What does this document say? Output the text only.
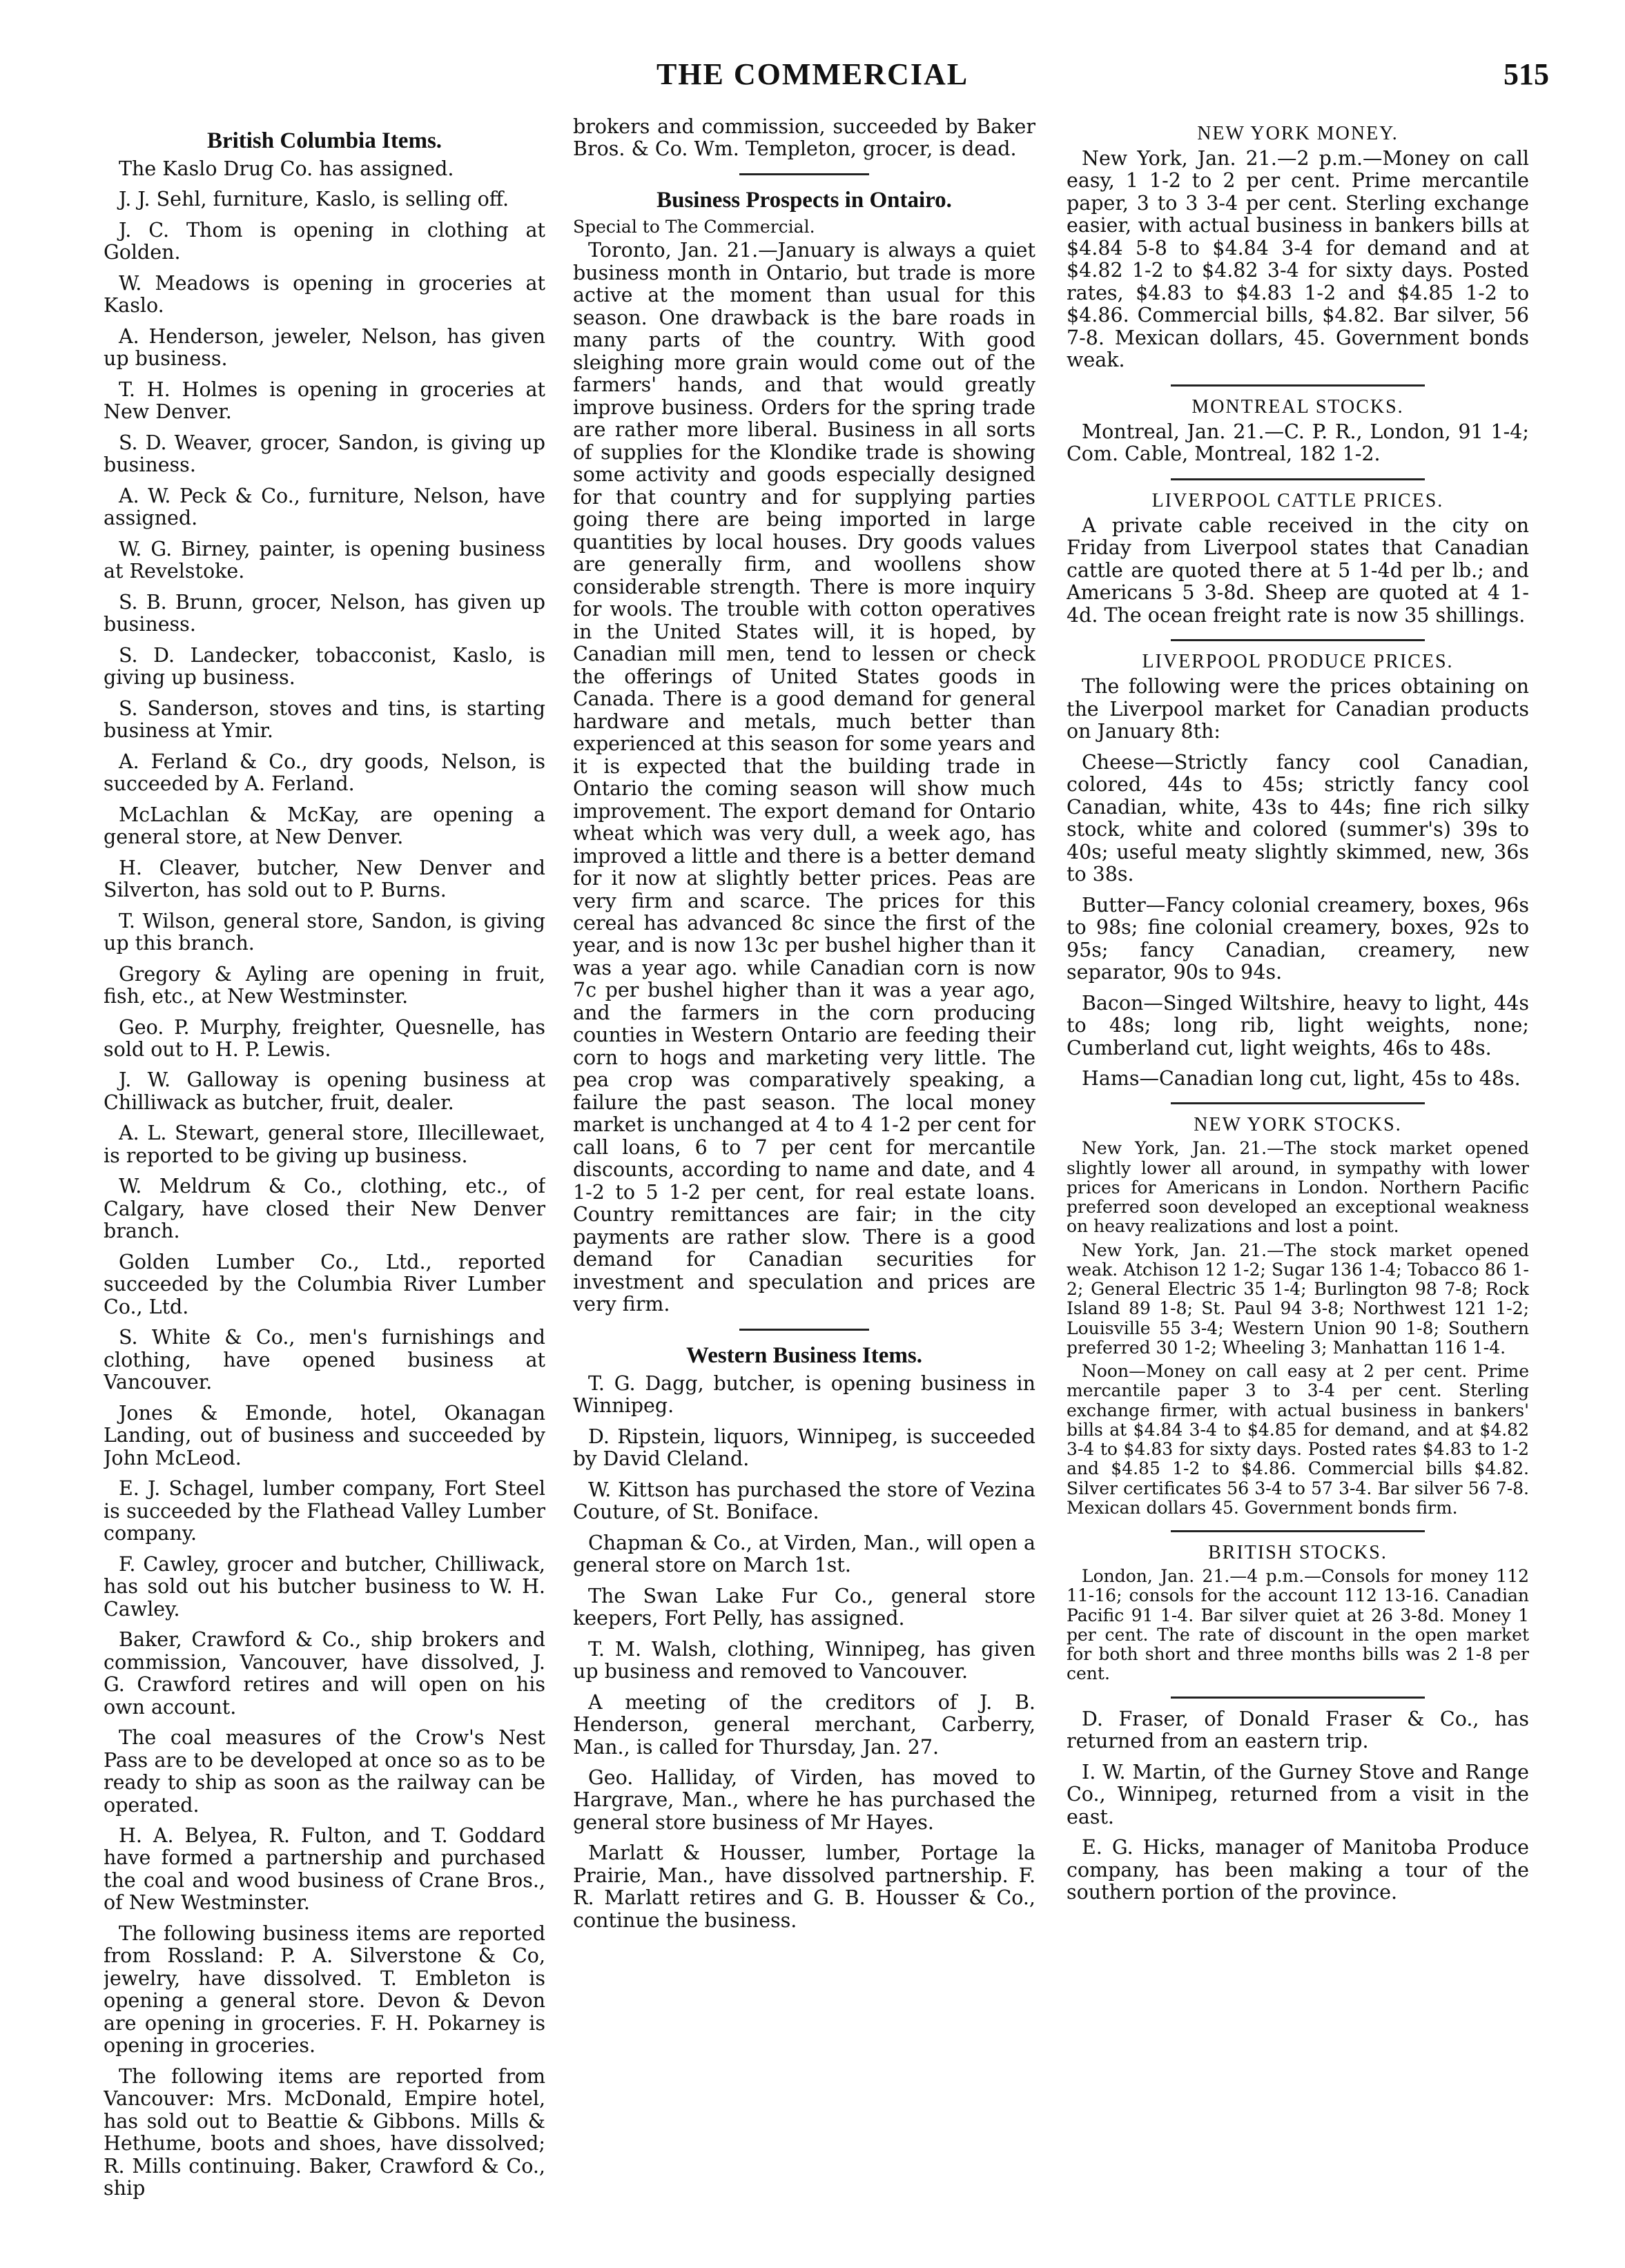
THE COMMERCIAL	515
British Columbia Items.

The Kaslo Drug Co. has assigned.

J. J. Sehl, furniture, Kaslo, is selling off.

J. C. Thom is opening in clothing at Golden.

W. Meadows is opening in groceries at Kaslo.

A. Henderson, jeweler, Nelson, has given up business.

T. H. Holmes is opening in groceries at New Denver.

S. D. Weaver, grocer, Sandon, is giving up business.

A. W. Peck & Co., furniture, Nelson, have assigned.

W. G. Birney, painter, is opening business at Revelstoke.

S. B. Brunn, grocer, Nelson, has given up business.

S. D. Landecker, tobacconist, Kaslo, is giving up business.

S. Sanderson, stoves and tins, is starting business at Ymir.

A. Ferland & Co., dry goods, Nelson, is succeeded by A. Ferland.

McLachlan & McKay, are opening a general store, at New Denver.

H. Cleaver, butcher, New Denver and Silverton, has sold out to P. Burns.

T. Wilson, general store, Sandon, is giving up this branch.

Gregory & Ayling are opening in fruit, fish, etc., at New Westminster.

Geo. P. Murphy, freighter, Quesnelle, has sold out to H. P. Lewis.

J. W. Galloway is opening business at Chilliwack as butcher, fruit, dealer.

A. L. Stewart, general store, Illecillewaet, is reported to be giving up business.

W. Meldrum & Co., clothing, etc., of Calgary, have closed their New Denver branch.

Golden Lumber Co., Ltd., reported succeeded by the Columbia River Lumber Co., Ltd.

S. White & Co., men's furnishings and clothing, have opened business at Vancouver.

Jones & Emonde, hotel, Okanagan Landing, out of business and succeeded by John McLeod.

E. J. Schagel, lumber company, Fort Steel is succeeded by the Flathead Valley Lumber company.

F. Cawley, grocer and butcher, Chilliwack, has sold out his butcher business to W. H. Cawley.

Baker, Crawford & Co., ship brokers and commission, Vancouver, have dissolved, J. G. Crawford retires and will open on his own account.

The coal measures of the Crow's Nest Pass are to be developed at once so as to be ready to ship as soon as the railway can be operated.

H. A. Belyea, R. Fulton, and T. Goddard have formed a partnership and purchased the coal and wood business of Crane Bros., of New Westminster.

The following business items are reported from Rossland: P. A. Silverstone & Co, jewelry, have dissolved. T. Embleton is opening a general store. Devon & Devon are opening in groceries. F. H. Pokarney is opening in groceries.

The following items are reported from Vancouver: Mrs. McDonald, Empire hotel, has sold out to Beattie & Gibbons. Mills & Hethume, boots and shoes, have dissolved; R. Mills continuing. Baker, Crawford & Co., ship

brokers and commission, succeeded by Baker Bros. & Co. Wm. Templeton, grocer, is dead.

Business Prospects in Ontairo.

Special to The Commercial.

Toronto, Jan. 21.—January is always a quiet business month in Ontario, but trade is more active at the moment than usual for this season. One drawback is the bare roads in many parts of the country. With good sleighing more grain would come out of the farmers' hands, and that would greatly improve business. Orders for the spring trade are rather more liberal. Business in all sorts of supplies for the Klondike trade is showing some activity and goods especially designed for that country and for supplying parties going there are being imported in large quantities by local houses. Dry goods values are generally firm, and woollens show considerable strength. There is more inquiry for wools. The trouble with cotton operatives in the United States will, it is hoped, by Canadian mill men, tend to lessen or check the offerings of United States goods in Canada. There is a good demand for general hardware and metals, much better than experienced at this season for some years and it is expected that the building trade in Ontario the coming season will show much improvement. The export demand for Ontario wheat which was very dull, a week ago, has improved a little and there is a better demand for it now at slightly better prices. Peas are very firm and scarce. The prices for this cereal has advanced 8c since the first of the year, and is now 13c per bushel higher than it was a year ago. while Canadian corn is now 7c per bushel higher than it was a year ago, and the farmers in the corn producing counties in Western Ontario are feeding their corn to hogs and marketing very little. The pea crop was comparatively speaking, a failure the past season. The local money market is unchanged at 4 to 4 1-2 per cent for call loans, 6 to 7 per cent for mercantile discounts, according to name and date, and 4 1-2 to 5 1-2 per cent, for real estate loans. Country remittances are fair; in the city payments are rather slow. There is a good demand for Canadian securities for investment and speculation and prices are very firm.

Western Business Items.

T. G. Dagg, butcher, is opening business in Winnipeg.

D. Ripstein, liquors, Winnipeg, is succeeded by David Cleland.

W. Kittson has purchased the store of Vezina Couture, of St. Boniface.

Chapman & Co., at Virden, Man., will open a general store on March 1st.

The Swan Lake Fur Co., general store keepers, Fort Pelly, has assigned.

T. M. Walsh, clothing, Winnipeg, has given up business and removed to Vancouver.

A meeting of the creditors of J. B. Henderson, general merchant, Carberry, Man., is called for Thursday, Jan. 27.

Geo. Halliday, of Virden, has moved to Hargrave, Man., where he has purchased the general store business of Mr Hayes.

Marlatt & Housser, lumber, Portage la Prairie, Man., have dissolved partnership. F. R. Marlatt retires and G. B. Housser & Co., continue the business.

NEW YORK MONEY.

New York, Jan. 21.—2 p.m.—Money on call easy, 1 1-2 to 2 per cent. Prime mercantile paper, 3 to 3 3-4 per cent. Sterling exchange easier, with actual business in bankers bills at $4.84 5-8 to $4.84 3-4 for demand and at $4.82 1-2 to $4.82 3-4 for sixty days. Posted rates, $4.83 to $4.83 1-2 and $4.85 1-2 to $4.86. Commercial bills, $4.82. Bar silver, 56 7-8. Mexican dollars, 45. Government bonds weak.

MONTREAL STOCKS.

Montreal, Jan. 21.—C. P. R., London, 91 1-4; Com. Cable, Montreal, 182 1-2.

LIVERPOOL CATTLE PRICES.

A private cable received in the city on Friday from Liverpool states that Canadian cattle are quoted there at 5 1-4d per lb.; and Americans 5 3-8d. Sheep are quoted at 4 1-4d. The ocean freight rate is now 35 shillings.

LIVERPOOL PRODUCE PRICES.

The following were the prices obtaining on the Liverpool market for Canadian products on January 8th:

Cheese—Strictly fancy cool Canadian, colored, 44s to 45s; strictly fancy cool Canadian, white, 43s to 44s; fine rich silky stock, white and colored (summer's) 39s to 40s; useful meaty slightly skimmed, new, 36s to 38s.

Butter—Fancy colonial creamery, boxes, 96s to 98s; fine colonial creamery, boxes, 92s to 95s; fancy Canadian, creamery, new separator, 90s to 94s.

Bacon—Singed Wiltshire, heavy to light, 44s to 48s; long rib, light weights, none; Cumberland cut, light weights, 46s to 48s.

Hams—Canadian long cut, light, 45s to 48s.

NEW YORK STOCKS.

New York, Jan. 21.—The stock market opened slightly lower all around, in sympathy with lower prices for Americans in London. Northern Pacific preferred soon developed an exceptional weakness on heavy realizations and lost a point.

New York, Jan. 21.—The stock market opened weak. Atchison 12 1-2; Sugar 136 1-4; Tobacco 86 1-2; General Electric 35 1-4; Burlington 98 7-8; Rock Island 89 1-8; St. Paul 94 3-8; Northwest 121 1-2; Louisville 55 3-4; Western Union 90 1-8; Southern preferred 30 1-2; Wheeling 3; Manhattan 116 1-4.

Noon—Money on call easy at 2 per cent. Prime mercantile paper 3 to 3-4 per cent. Sterling exchange firmer, with actual business in bankers' bills at $4.84 3-4 to $4.85 for demand, and at $4.82 3-4 to $4.83 for sixty days. Posted rates $4.83 to 1-2 and $4.85 1-2 to $4.86. Commercial bills $4.82. Silver certificates 56 3-4 to 57 3-4. Bar silver 56 7-8. Mexican dollars 45. Government bonds firm.

BRITISH STOCKS.

London, Jan. 21.—4 p.m.—Consols for money 112 11-16; consols for the account 112 13-16. Canadian Pacific 91 1-4. Bar silver quiet at 26 3-8d. Money 1 per cent. The rate of discount in the open market for both short and three months bills was 2 1-8 per cent.

D. Fraser, of Donald Fraser & Co., has returned from an eastern trip.

I. W. Martin, of the Gurney Stove and Range Co., Winnipeg, returned from a visit in the east.

E. G. Hicks, manager of Manitoba Produce company, has been making a tour of the southern portion of the province.
